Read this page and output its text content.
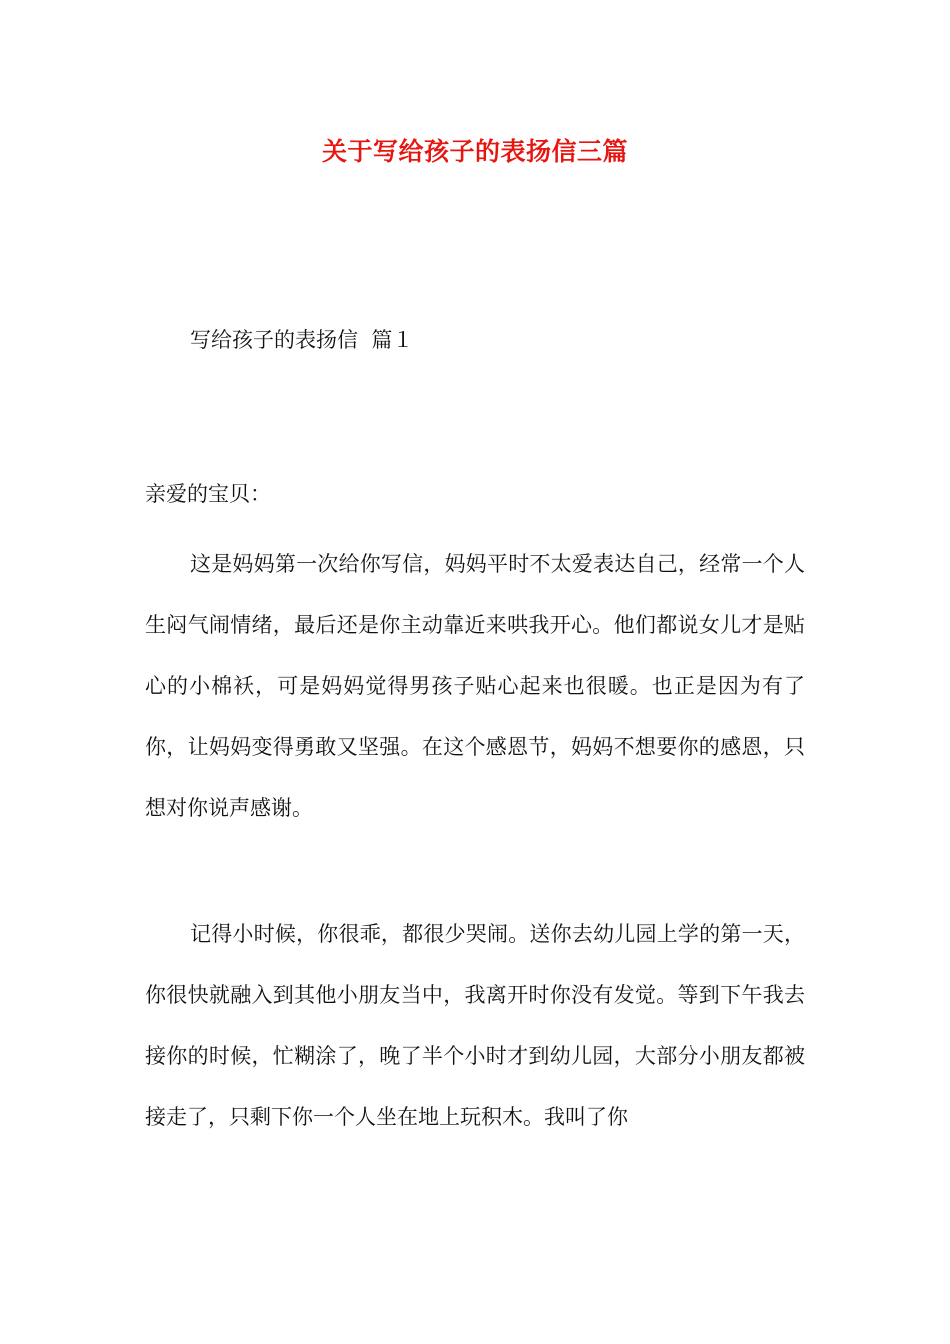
关于写给孩子的表扬信三篇
写给孩子的表扬信  篇１
亲爱的宝贝：

这是妈妈第一次给你写信，妈妈平时不太爱表达自己，经常一个人生闷气闹情绪，最后还是你主动靠近来哄我开心。他们都说女儿才是贴心的小棉袄，可是妈妈觉得男孩子贴心起来也很暖。也正是因为有了你，让妈妈变得勇敢又坚强。在这个感恩节，妈妈不想要你的感恩，只想对你说声感谢。

记得小时候，你很乖，都很少哭闹。送你去幼儿园上学的第一天，你很快就融入到其他小朋友当中，我离开时你没有发觉。等到下午我去接你的时候，忙糊涂了，晚了半个小时才到幼儿园，大部分小朋友都被接走了，只剩下你一个人坐在地上玩积木。我叫了你
